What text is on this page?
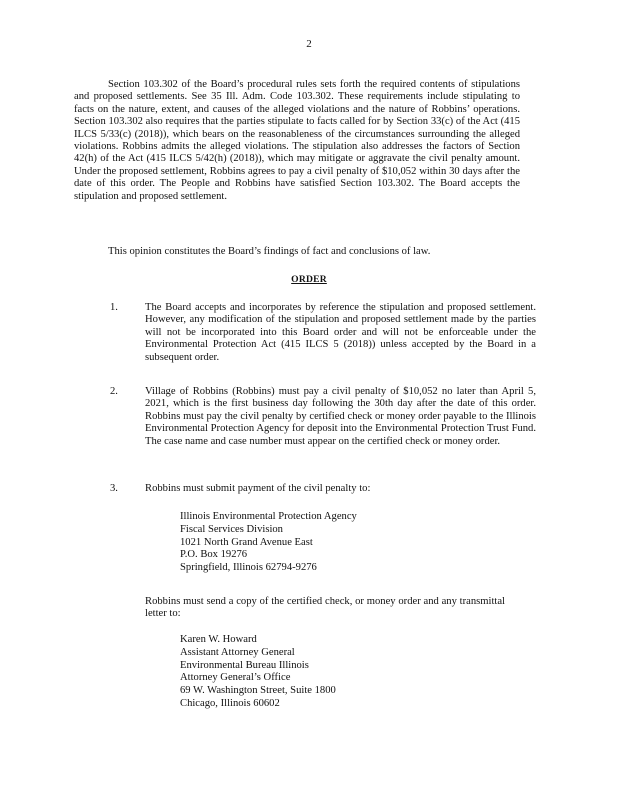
2
Section 103.302 of the Board’s procedural rules sets forth the required contents of stipulations and proposed settlements. See 35 Ill. Adm. Code 103.302. These requirements include stipulating to facts on the nature, extent, and causes of the alleged violations and the nature of Robbins’ operations. Section 103.302 also requires that the parties stipulate to facts called for by Section 33(c) of the Act (415 ILCS 5/33(c) (2018)), which bears on the reasonableness of the circumstances surrounding the alleged violations. Robbins admits the alleged violations. The stipulation also addresses the factors of Section 42(h) of the Act (415 ILCS 5/42(h) (2018)), which may mitigate or aggravate the civil penalty amount. Under the proposed settlement, Robbins agrees to pay a civil penalty of $10,052 within 30 days after the date of this order. The People and Robbins have satisfied Section 103.302. The Board accepts the stipulation and proposed settlement.
This opinion constitutes the Board’s findings of fact and conclusions of law.
ORDER
1.	The Board accepts and incorporates by reference the stipulation and proposed settlement. However, any modification of the stipulation and proposed settlement made by the parties will not be incorporated into this Board order and will not be enforceable under the Environmental Protection Act (415 ILCS 5 (2018)) unless accepted by the Board in a subsequent order.
2.	Village of Robbins (Robbins) must pay a civil penalty of $10,052 no later than April 5, 2021, which is the first business day following the 30th day after the date of this order. Robbins must pay the civil penalty by certified check or money order payable to the Illinois Environmental Protection Agency for deposit into the Environmental Protection Trust Fund. The case name and case number must appear on the certified check or money order.
3.	Robbins must submit payment of the civil penalty to:
Illinois Environmental Protection Agency
Fiscal Services Division
1021 North Grand Avenue East
P.O. Box 19276
Springfield, Illinois 62794-9276
Robbins must send a copy of the certified check, or money order and any transmittal letter to:
Karen W. Howard
Assistant Attorney General
Environmental Bureau Illinois
Attorney General’s Office
69 W. Washington Street, Suite 1800
Chicago, Illinois 60602
